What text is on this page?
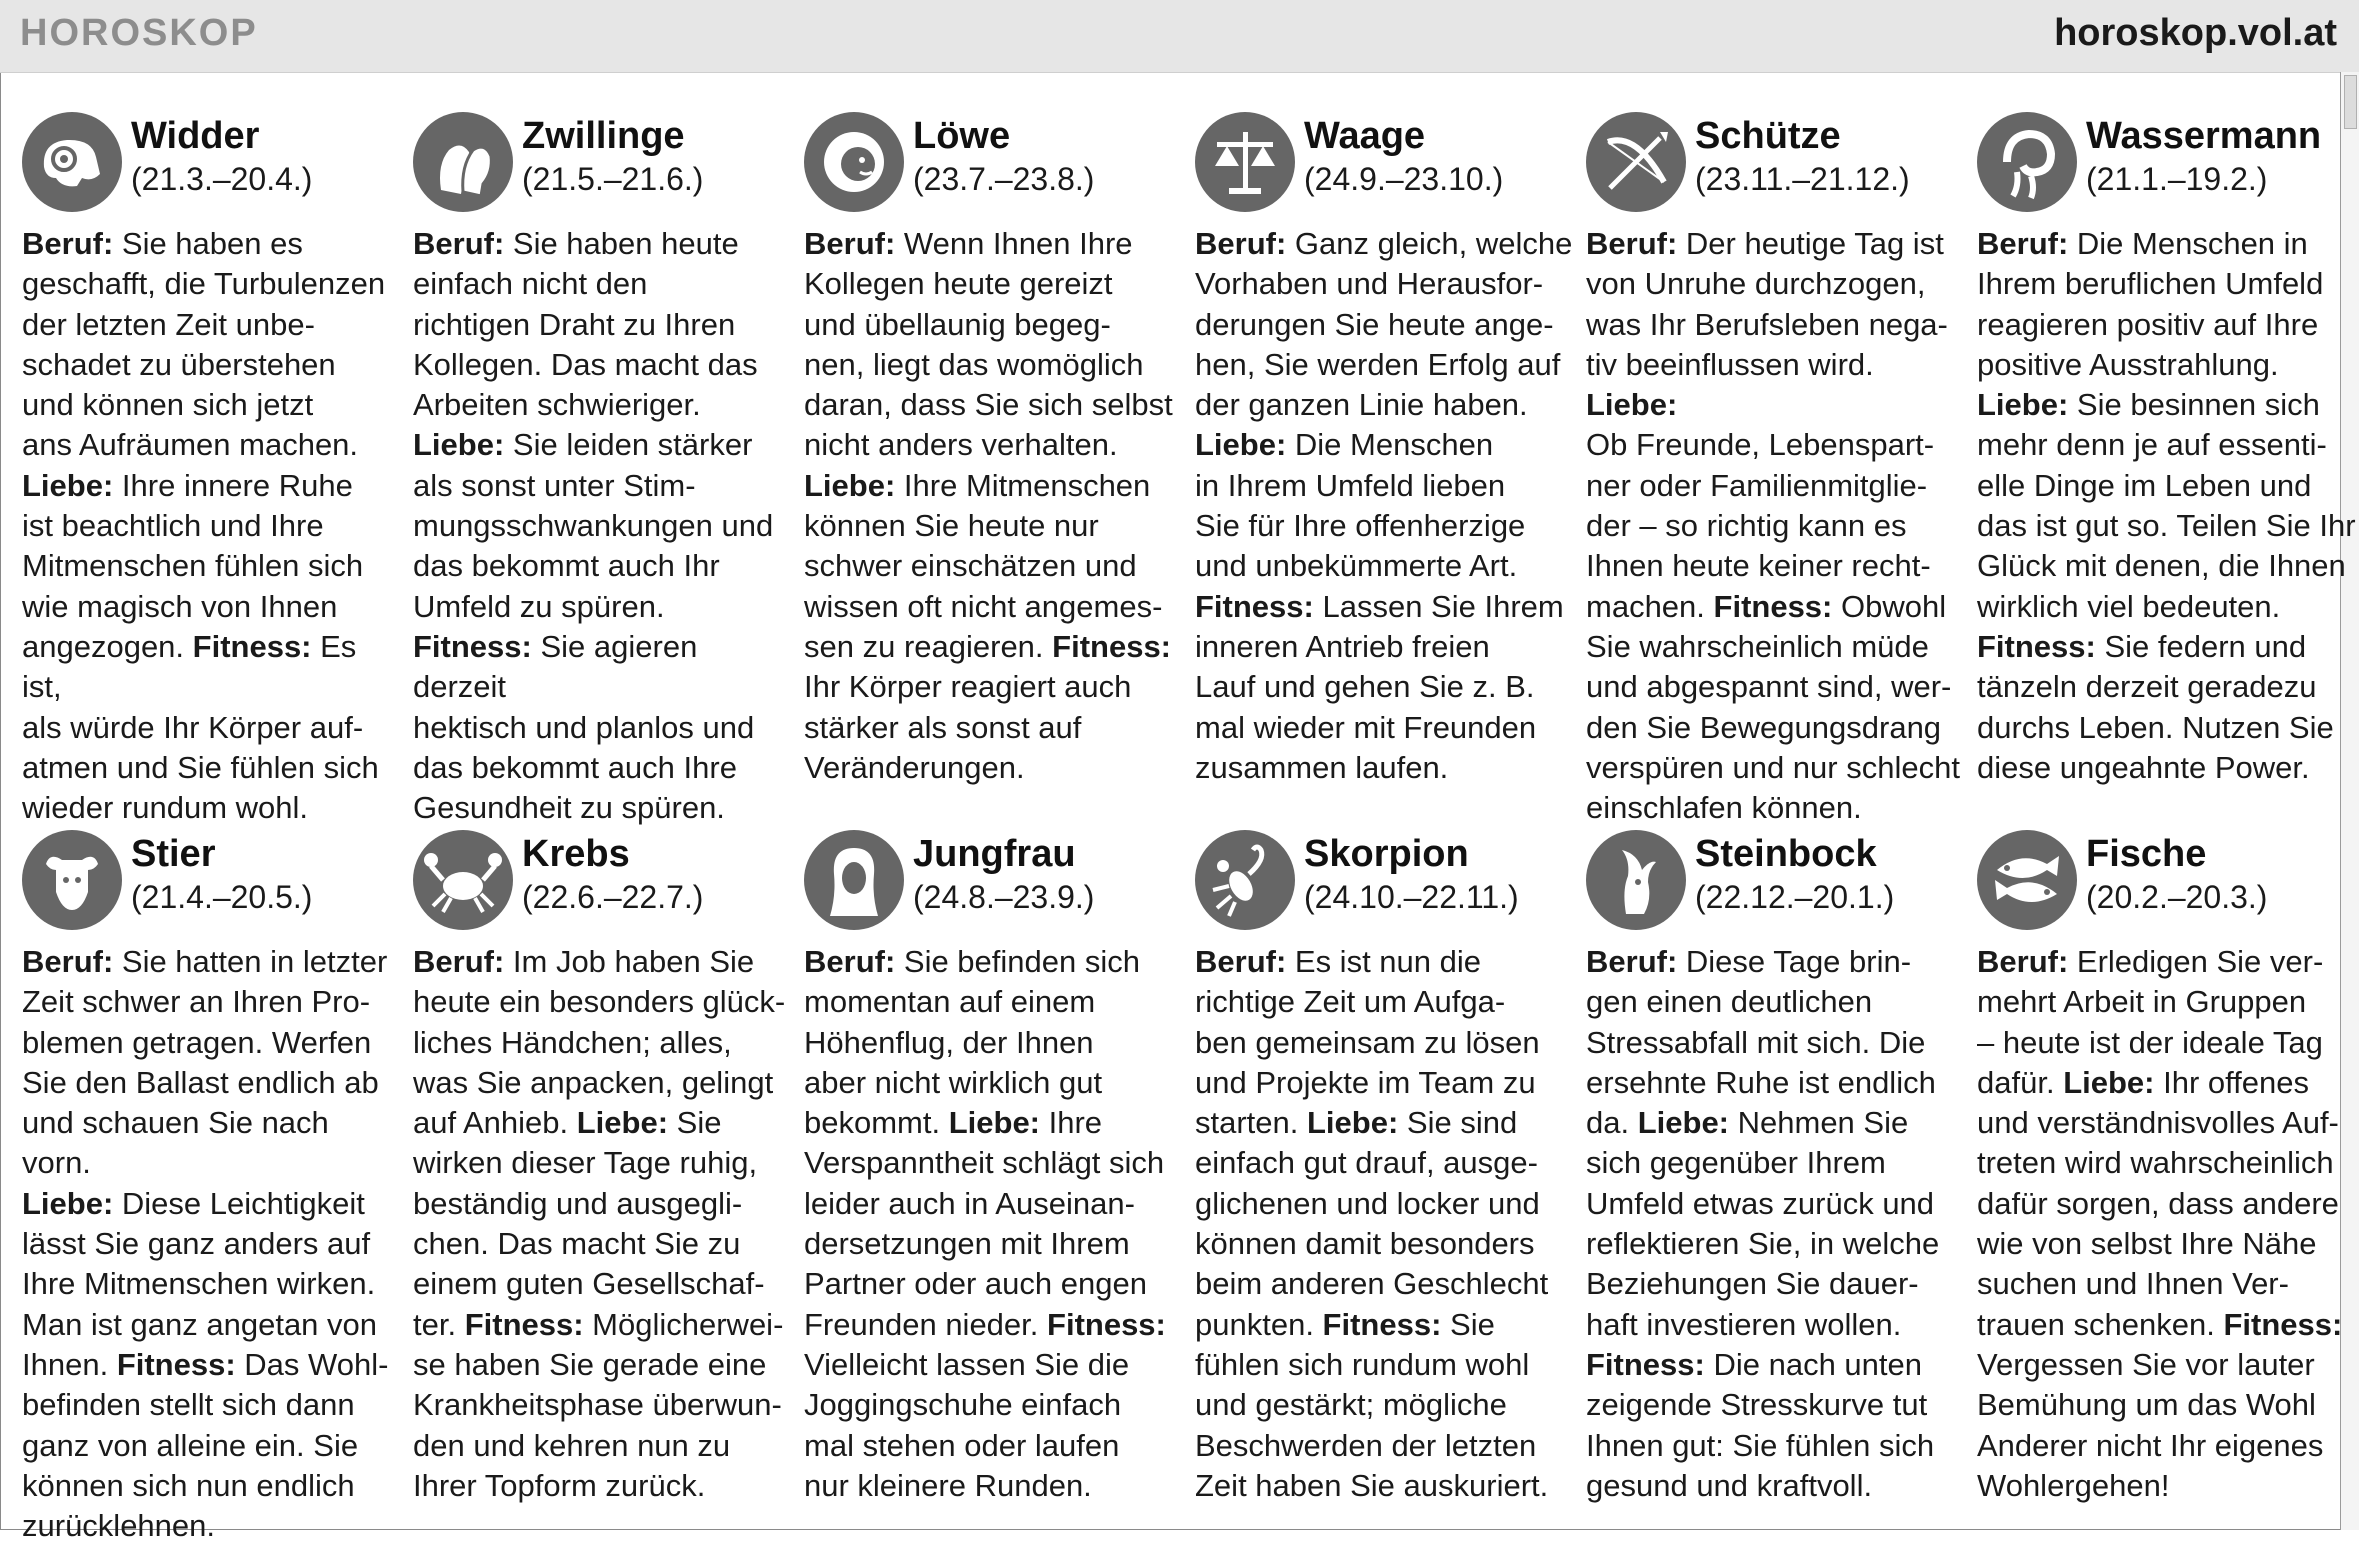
HOROSKOP	horoskop.vol.at
Widder
(21.3.–20.4.)
Beruf: Sie haben es
geschafft, die Turbulenzen
der letzten Zeit unbe-
schadet zu überstehen
und können sich jetzt
ans Aufräumen machen.
Liebe: Ihre innere Ruhe
ist beachtlich und Ihre
Mitmenschen fühlen sich
wie magisch von Ihnen
angezogen. Fitness: Es ist,
als würde Ihr Körper auf-
atmen und Sie fühlen sich
wieder rundum wohl.
Zwillinge
(21.5.–21.6.)
Beruf: Sie haben heute
einfach nicht den
richtigen Draht zu Ihren
Kollegen. Das macht das
Arbeiten schwieriger.
Liebe: Sie leiden stärker
als sonst unter Stim-
mungsschwankungen und
das bekommt auch Ihr
Umfeld zu spüren.
Fitness: Sie agieren derzeit
hektisch und planlos und
das bekommt auch Ihre
Gesundheit zu spüren.
Löwe
(23.7.–23.8.)
Beruf: Wenn Ihnen Ihre
Kollegen heute gereizt
und übellaunig begeg-
nen, liegt das womöglich
daran, dass Sie sich selbst
nicht anders verhalten.
Liebe: Ihre Mitmenschen
können Sie heute nur
schwer einschätzen und
wissen oft nicht angemes-
sen zu reagieren. Fitness:
Ihr Körper reagiert auch
stärker als sonst auf
Veränderungen.
Waage
(24.9.–23.10.)
Beruf: Ganz gleich, welche
Vorhaben und Herausfor-
derungen Sie heute ange-
hen, Sie werden Erfolg auf
der ganzen Linie haben.
Liebe: Die Menschen
in Ihrem Umfeld lieben
Sie für Ihre offenherzige
und unbekümmerte Art.
Fitness: Lassen Sie Ihrem
inneren Antrieb freien
Lauf und gehen Sie z. B.
mal wieder mit Freunden
zusammen laufen.
Schütze
(23.11.–21.12.)
Beruf: Der heutige Tag ist
von Unruhe durchzogen,
was Ihr Berufsleben nega-
tiv beeinflussen wird. Liebe:
Ob Freunde, Lebenspart-
ner oder Familienmitglie-
der – so richtig kann es
Ihnen heute keiner recht-
machen. Fitness: Obwohl
Sie wahrscheinlich müde
und abgespannt sind, wer-
den Sie Bewegungsdrang
verspüren und nur schlecht
einschlafen können.
Wassermann
(21.1.–19.2.)
Beruf: Die Menschen in
Ihrem beruflichen Umfeld
reagieren positiv auf Ihre
positive Ausstrahlung.
Liebe: Sie besinnen sich
mehr denn je auf essenti-
elle Dinge im Leben und
das ist gut so. Teilen Sie Ihr
Glück mit denen, die Ihnen
wirklich viel bedeuten.
Fitness: Sie federn und
tänzeln derzeit geradezu
durchs Leben. Nutzen Sie
diese ungeahnte Power.
Stier
(21.4.–20.5.)
Beruf: Sie hatten in letzter
Zeit schwer an Ihren Pro-
blemen getragen. Werfen
Sie den Ballast endlich ab
und schauen Sie nach vorn.
Liebe: Diese Leichtigkeit
lässt Sie ganz anders auf
Ihre Mitmenschen wirken.
Man ist ganz angetan von
Ihnen. Fitness: Das Wohl-
befinden stellt sich dann
ganz von alleine ein. Sie
können sich nun endlich
zurücklehnen.
Krebs
(22.6.–22.7.)
Beruf: Im Job haben Sie
heute ein besonders glück-
liches Händchen; alles,
was Sie anpacken, gelingt
auf Anhieb. Liebe: Sie
wirken dieser Tage ruhig,
beständig und ausgegli-
chen. Das macht Sie zu
einem guten Gesellschaf-
ter. Fitness: Möglicherwei-
se haben Sie gerade eine
Krankheitsphase überwun-
den und kehren nun zu
Ihrer Topform zurück.
Jungfrau
(24.8.–23.9.)
Beruf: Sie befinden sich
momentan auf einem
Höhenflug, der Ihnen
aber nicht wirklich gut
bekommt. Liebe: Ihre
Verspanntheit schlägt sich
leider auch in Auseinan-
dersetzungen mit Ihrem
Partner oder auch engen
Freunden nieder. Fitness:
Vielleicht lassen Sie die
Joggingschuhe einfach
mal stehen oder laufen
nur kleinere Runden.
Skorpion
(24.10.–22.11.)
Beruf: Es ist nun die
richtige Zeit um Aufga-
ben gemeinsam zu lösen
und Projekte im Team zu
starten. Liebe: Sie sind
einfach gut drauf, ausge-
glichenen und locker und
können damit besonders
beim anderen Geschlecht
punkten. Fitness: Sie
fühlen sich rundum wohl
und gestärkt; mögliche
Beschwerden der letzten
Zeit haben Sie auskuriert.
Steinbock
(22.12.–20.1.)
Beruf: Diese Tage brin-
gen einen deutlichen
Stressabfall mit sich. Die
ersehnte Ruhe ist endlich
da. Liebe: Nehmen Sie
sich gegenüber Ihrem
Umfeld etwas zurück und
reflektieren Sie, in welche
Beziehungen Sie dauer-
haft investieren wollen.
Fitness: Die nach unten
zeigende Stresskurve tut
Ihnen gut: Sie fühlen sich
gesund und kraftvoll.
Fische
(20.2.–20.3.)
Beruf: Erledigen Sie ver-
mehrt Arbeit in Gruppen
– heute ist der ideale Tag
dafür. Liebe: Ihr offenes
und verständnisvolles Auf-
treten wird wahrscheinlich
dafür sorgen, dass andere
wie von selbst Ihre Nähe
suchen und Ihnen Ver-
trauen schenken. Fitness:
Vergessen Sie vor lauter
Bemühung um das Wohl
Anderer nicht Ihr eigenes
Wohlergehen!
